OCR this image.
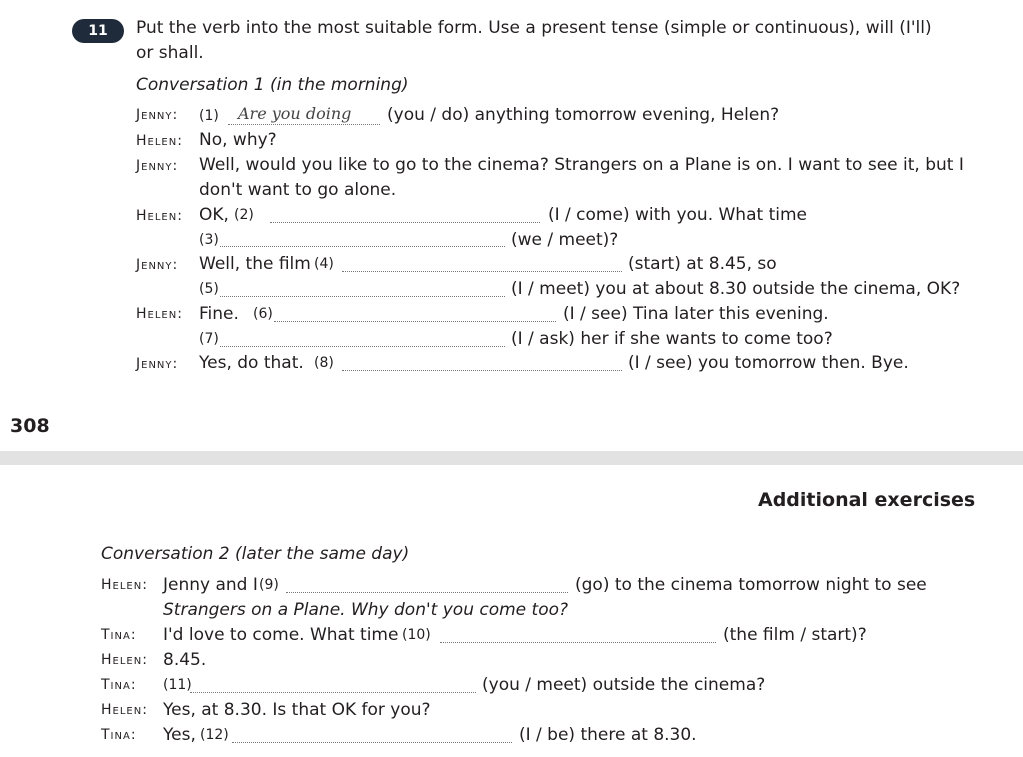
11	Put the verb into the most suitable form. Use a present tense (simple or continuous), will (I'll)
or shall.
Conversation 1 (in the morning)
Jenny: (1) Are you doing (you / do) anything tomorrow evening, Helen?
Helen: No, why?
Jenny: Well, would you like to go to the cinema? Strangers on a Plane is on. I want to see it, but I
don't want to go alone.
Helen: OK, (2)	(I / come) with you. What time
(3)	(we / meet)?
Jenny: Well, the film (4)	(start) at 8.45, so
(5)	(I / meet) you at about 8.30 outside the cinema, OK?
Helen: Fine. (6)	(I / see) Tina later this evening.
(7)	(I / ask) her if she wants to come too?
Jenny: Yes, do that. (8)	(I / see) you tomorrow then. Bye.
308
Additional exercises
Conversation 2 (later the same day)
Helen: Jenny and I (9)	(go) to the cinema tomorrow night to see
Strangers on a Plane. Why don't you come too?
Tina: I'd love to come. What time (10)	(the film / start)?
Helen: 8.45.
Tina: (11)	(you / meet) outside the cinema?
Helen: Yes, at 8.30. Is that OK for you?
Tina: Yes, (12)	(I / be) there at 8.30.
